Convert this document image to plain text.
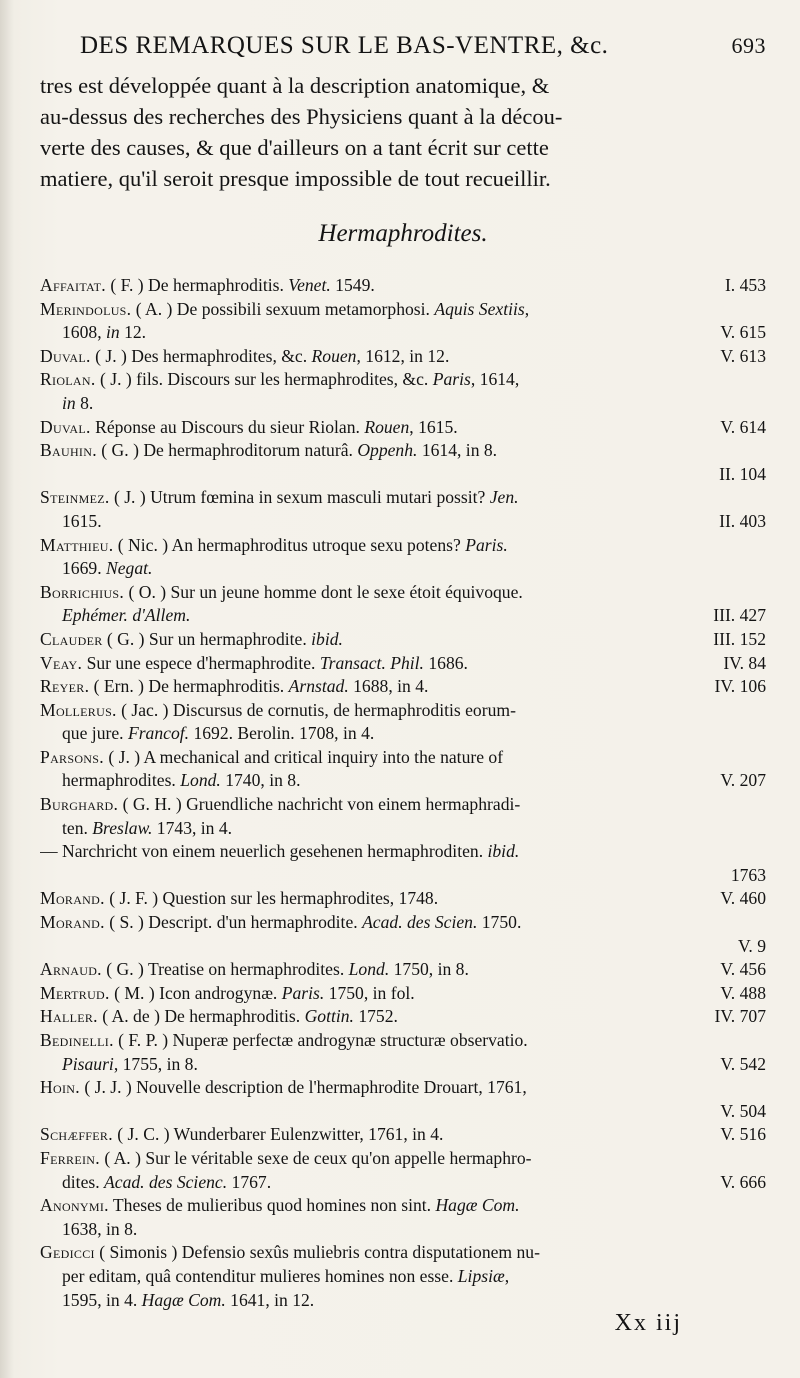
DES REMARQUES SUR LE BAS-VENTRE, &c.	693
tres est développée quant à la description anatomique, &
au-dessus des recherches des Physiciens quant à la décou-
verte des causes, & que d'ailleurs on a tant écrit sur cette
matiere, qu'il seroit presque impossible de tout recueillir.
Hermaphrodites.
Affaitat. ( F. ) De hermaphroditis. Venet. 1549.	I. 453
Merindolus. ( A. ) De possibili sexuum metamorphosi. Aquis Sextiis,
1608, in 12.	V. 615
Duval. ( J. ) Des hermaphrodites, &c. Rouen, 1612, in 12.	V. 613
Riolan. ( J. ) fils. Discours sur les hermaphrodites, &c. Paris, 1614,
in 8.
Duval. Réponse au Discours du sieur Riolan. Rouen, 1615.	V. 614
Bauhin. ( G. ) De hermaphroditorum naturâ. Oppenh. 1614, in 8.
II. 104
Steinmez. ( J. ) Utrum fœmina in sexum masculi mutari possit? Jen.
1615.	II. 403
Matthieu. ( Nic. ) An hermaphroditus utroque sexu potens? Paris.
1669. Negat.
Borrichius. ( O. ) Sur un jeune homme dont le sexe étoit équivoque.
Ephémer. d'Allem.	III. 427
Clauder ( G. ) Sur un hermaphrodite. ibid.	III. 152
Veay. Sur une espece d'hermaphrodite. Transact. Phil. 1686.	IV. 84
Reyer. ( Ern. ) De hermaphroditis. Arnstad. 1688, in 4.	IV. 106
Mollerus. ( Jac. ) Discursus de cornutis, de hermaphroditis eorum-
que jure. Francof. 1692. Berolin. 1708, in 4.
Parsons. ( J. ) A mechanical and critical inquiry into the nature of
hermaphrodites. Lond. 1740, in 8.	V. 207
Burghard. ( G. H. ) Gruendliche nachricht von einem hermaphradi-
ten. Breslaw. 1743, in 4.
— Narchricht von einem neuerlich gesehenen hermaphroditen. ibid.
1763
Morand. ( J. F. ) Question sur les hermaphrodites, 1748.	V. 460
Morand. ( S. ) Descript. d'un hermaphrodite. Acad. des Scien. 1750.
V. 9
Arnaud. ( G. ) Treatise on hermaphrodites. Lond. 1750, in 8.	V. 456
Mertrud. ( M. ) Icon androgynæ. Paris. 1750, in fol.	V. 488
Haller. ( A. de ) De hermaphroditis. Gottin. 1752.	IV. 707
Bedinelli. ( F. P. ) Nuperæ perfectæ androgynæ structuræ observatio.
Pisauri, 1755, in 8.	V. 542
Hoin. ( J. J. ) Nouvelle description de l'hermaphrodite Drouart, 1761,
V. 504
Schæffer. ( J. C. ) Wunderbarer Eulenzwitter, 1761, in 4.	V. 516
Ferrein. ( A. ) Sur le véritable sexe de ceux qu'on appelle hermaphro-
dites. Acad. des Scienc. 1767.	V. 666
Anonymi. Theses de mulieribus quod homines non sint. Hagæ Com.
1638, in 8.
Gedicci ( Simonis ) Defensio sexûs muliebris contra disputationem nu-
per editam, quâ contenditur mulieres homines non esse. Lipsiæ,
1595, in 4. Hagæ Com. 1641, in 12.
Xx iij
